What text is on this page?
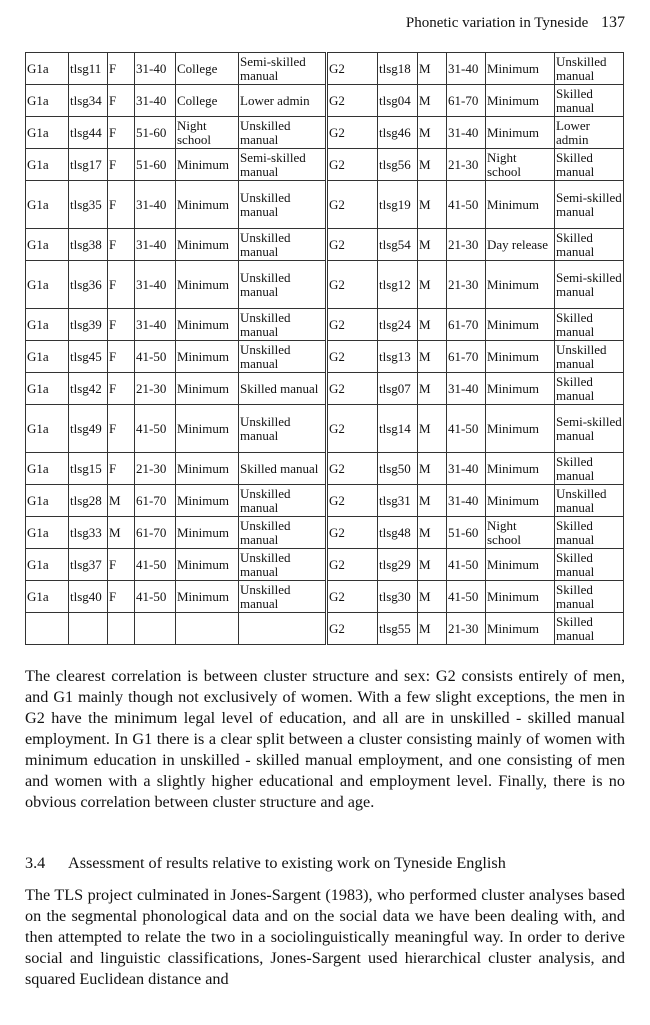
Phonetic variation in Tyneside 137
G1a	tlsg11	F	31-40	College	Semi-skilled manual	G2	tlsg18	M	31-40	Minimum	Unskilled manual
G1a	tlsg34	F	31-40	College	Lower admin	G2	tlsg04	M	61-70	Minimum	Skilled manual
G1a	tlsg44	F	51-60	Night school	Unskilled manual	G2	tlsg46	M	31-40	Minimum	Lower admin
G1a	tlsg17	F	51-60	Minimum	Semi-skilled manual	G2	tlsg56	M	21-30	Night school	Skilled manual
G1a	tlsg35	F	31-40	Minimum	Unskilled manual	G2	tlsg19	M	41-50	Minimum	Semi-skilled manual
G1a	tlsg38	F	31-40	Minimum	Unskilled manual	G2	tlsg54	M	21-30	Day release	Skilled manual
G1a	tlsg36	F	31-40	Minimum	Unskilled manual	G2	tlsg12	M	21-30	Minimum	Semi-skilled manual
G1a	tlsg39	F	31-40	Minimum	Unskilled manual	G2	tlsg24	M	61-70	Minimum	Skilled manual
G1a	tlsg45	F	41-50	Minimum	Unskilled manual	G2	tlsg13	M	61-70	Minimum	Unskilled manual
G1a	tlsg42	F	21-30	Minimum	Skilled manual	G2	tlsg07	M	31-40	Minimum	Skilled manual
G1a	tlsg49	F	41-50	Minimum	Unskilled manual	G2	tlsg14	M	41-50	Minimum	Semi-skilled manual
G1a	tlsg15	F	21-30	Minimum	Skilled manual	G2	tlsg50	M	31-40	Minimum	Skilled manual
G1a	tlsg28	M	61-70	Minimum	Unskilled manual	G2	tlsg31	M	31-40	Minimum	Unskilled manual
G1a	tlsg33	M	61-70	Minimum	Unskilled manual	G2	tlsg48	M	51-60	Night school	Skilled manual
G1a	tlsg37	F	41-50	Minimum	Unskilled manual	G2	tlsg29	M	41-50	Minimum	Skilled manual
G1a	tlsg40	F	41-50	Minimum	Unskilled manual	G2	tlsg30	M	41-50	Minimum	Skilled manual
						G2	tlsg55	M	21-30	Minimum	Skilled manual

The clearest correlation is between cluster structure and sex: G2 consists entirely of men, and G1 mainly though not exclusively of women. With a few slight exceptions, the men in G2 have the minimum legal level of education, and all are in unskilled - skilled manual employment. In G1 there is a clear split between a cluster consisting mainly of women with minimum education in unskilled - skilled manual employment, and one consisting of men and women with a slightly higher educational and employment level. Finally, there is no obvious correlation between cluster structure and age.

3.4 Assessment of results relative to existing work on Tyneside English

The TLS project culminated in Jones-Sargent (1983), who performed cluster analyses based on the segmental phonological data and on the social data we have been dealing with, and then attempted to relate the two in a sociolinguistically meaningful way. In order to derive social and linguistic classifications, Jones-Sargent used hierarchical cluster analysis, and squared Euclidean distance and
